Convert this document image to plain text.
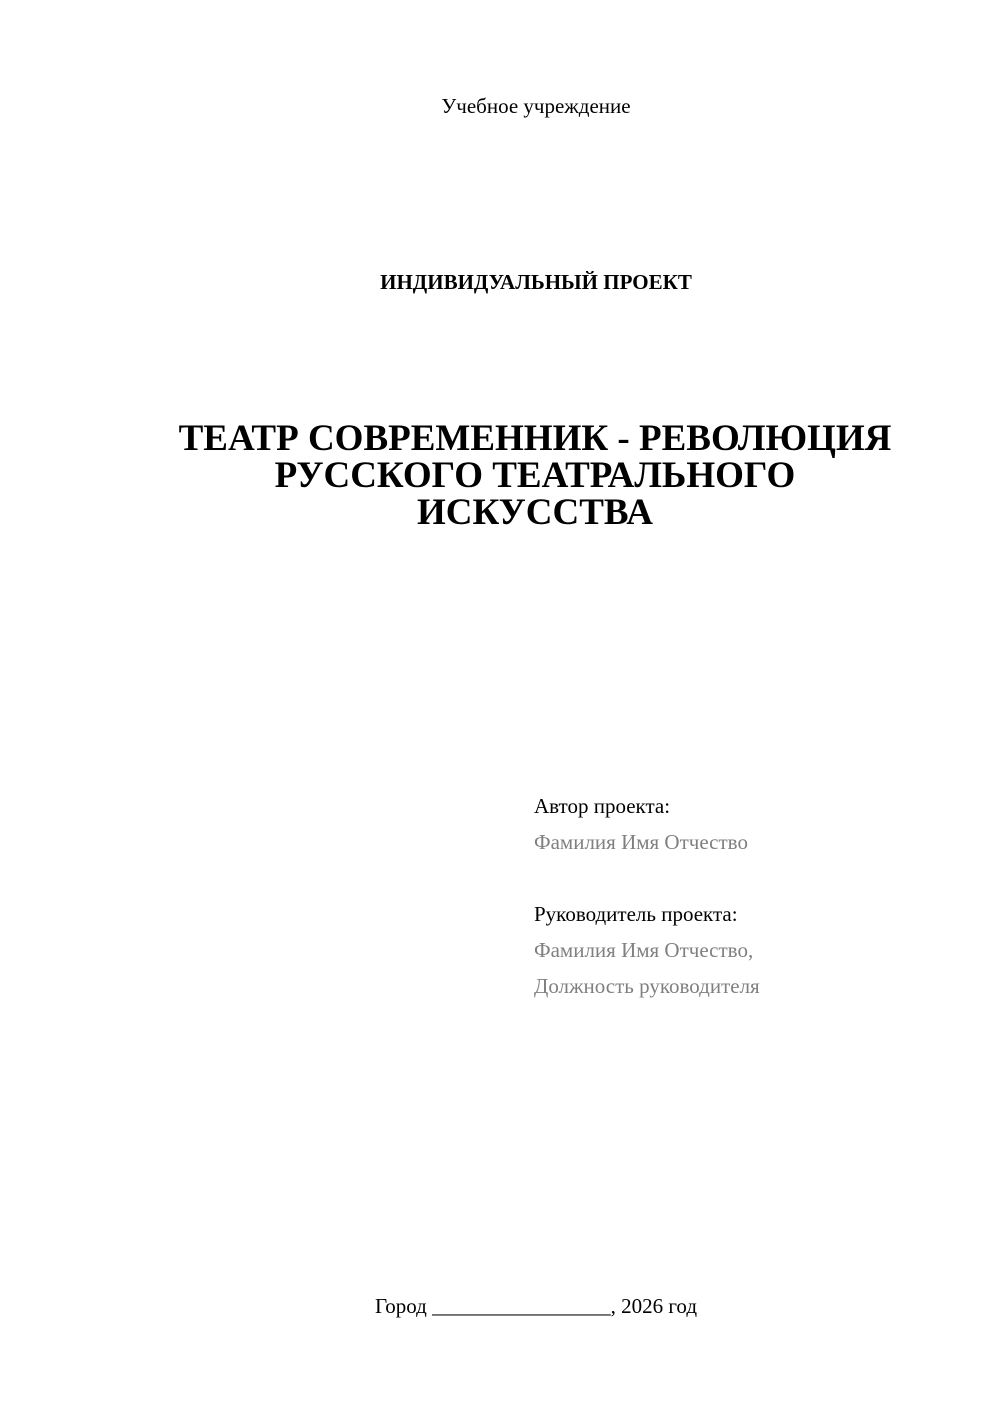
Учебное учреждение
ИНДИВИДУАЛЬНЫЙ ПРОЕКТ
ТЕАТР СОВРЕМЕННИК - РЕВОЛЮЦИЯ
РУССКОГО ТЕАТРАЛЬНОГО
ИСКУССТВА
Автор проекта:
Фамилия Имя Отчество
Руководитель проекта:
Фамилия Имя Отчество,
Должность руководителя
Город _________________, 2026 год
